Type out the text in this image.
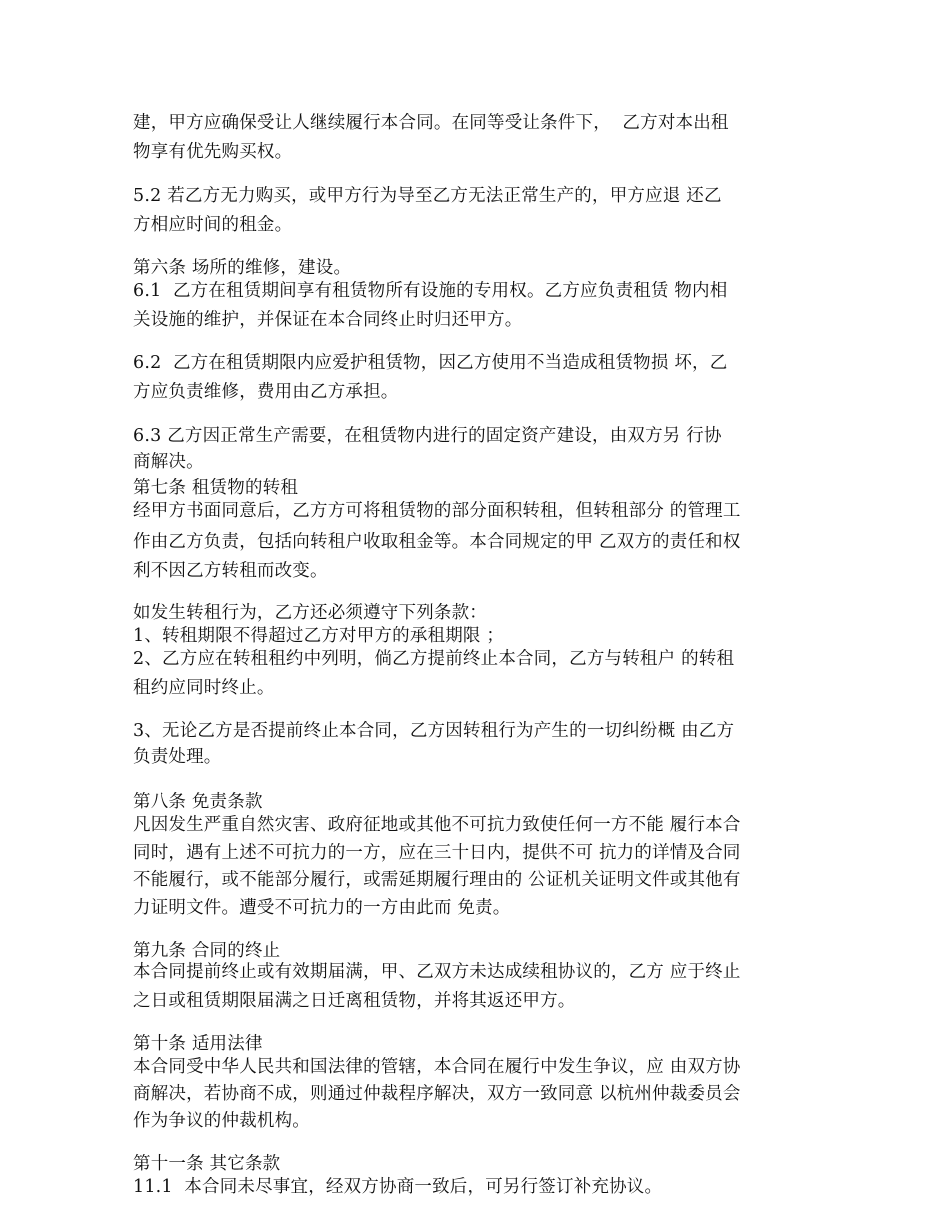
建，甲方应确保受让人继续履行本合同。在同等受让条件下，  乙方对本出租
物享有优先购买权。
5.2 若乙方无力购买，或甲方行为导至乙方无法正常生产的，甲方应退 还乙
方相应时间的租金。
第六条 场所的维修，建设。
6.1  乙方在租赁期间享有租赁物所有设施的专用权。乙方应负责租赁 物内相
关设施的维护，并保证在本合同终止时归还甲方。
6.2  乙方在租赁期限内应爱护租赁物，因乙方使用不当造成租赁物损 坏，乙
方应负责维修，费用由乙方承担。
6.3 乙方因正常生产需要，在租赁物内进行的固定资产建设，由双方另 行协
商解决。
第七条 租赁物的转租
经甲方书面同意后，乙方方可将租赁物的部分面积转租，但转租部分 的管理工
作由乙方负责，包括向转租户收取租金等。本合同规定的甲 乙双方的责任和权
利不因乙方转租而改变。
如发生转租行为，乙方还必须遵守下列条款：
1、转租期限不得超过乙方对甲方的承租期限 ；
2、乙方应在转租租约中列明，倘乙方提前终止本合同，乙方与转租户 的转租
租约应同时终止。
3、无论乙方是否提前终止本合同，乙方因转租行为产生的一切纠纷概 由乙方
负责处理。
第八条 免责条款
凡因发生严重自然灾害、政府征地或其他不可抗力致使任何一方不能 履行本合
同时，遇有上述不可抗力的一方，应在三十日内，提供不可 抗力的详情及合同
不能履行，或不能部分履行，或需延期履行理由的 公证机关证明文件或其他有
力证明文件。遭受不可抗力的一方由此而 免责。
第九条 合同的终止
本合同提前终止或有效期届满，甲、乙双方未达成续租协议的，乙方 应于终止
之日或租赁期限届满之日迁离租赁物，并将其返还甲方。
第十条 适用法律
本合同受中华人民共和国法律的管辖，本合同在履行中发生争议，应 由双方协
商解决，若协商不成，则通过仲裁程序解决，双方一致同意 以杭州仲裁委员会
作为争议的仲裁机构。
第十一条 其它条款
11.1  本合同未尽事宜，经双方协商一致后，可另行签订补充协议。
